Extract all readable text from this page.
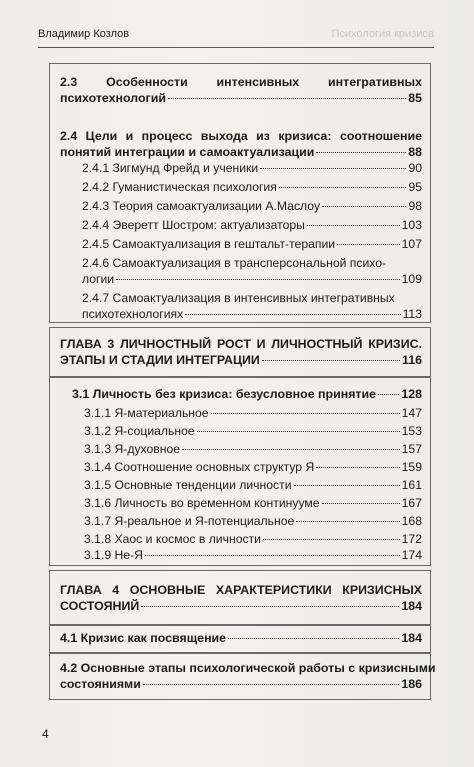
Владимир Козлов	Психология кризиса
2.3 Особенности интенсивных интегративных
психотехнологий	85
2.4 Цели и процесс выхода из кризиса: соотношение
понятий интеграции и самоактуализации	88
2.4.1 Зигмунд Фрейд и ученики	90
2.4.2 Гуманистическая психология	95
2.4.3 Теория самоактуализации А.Маслоу	98
2.4.4 Эверетт Шостром: актуализаторы	103
2.4.5 Самоактуализация в гештальт-терапии	107
2.4.6 Самоактуализация в трансперсональной психо-
логии	109
2.4.7 Самоактуализация в интенсивных интегративных
психотехнологиях	113
ГЛАВА 3 ЛИЧНОСТНЫЙ РОСТ И ЛИЧНОСТНЫЙ КРИЗИС.
ЭТАПЫ И СТАДИИ ИНТЕГРАЦИИ	116
3.1 Личность без кризиса: безусловное принятие 128
3.1.1 Я-материальное	147
3.1.2 Я-социальное	153
3.1.3 Я-духовное	157
3.1.4 Соотношение основных структур Я	159
3.1.5 Основные тенденции личности	161
3.1.6 Личность во временном континууме	167
3.1.7 Я-реальное и Я-потенциальное	168
3.1.8 Хаос и космос в личности	172
3.1.9 Не-Я	174
ГЛАВА 4 ОСНОВНЫЕ ХАРАКТЕРИСТИКИ КРИЗИСНЫХ
СОСТОЯНИЙ	184
4.1 Кризис как посвящение	184
4.2 Основные этапы психологической работы с кризисными
состояниями	186
4
